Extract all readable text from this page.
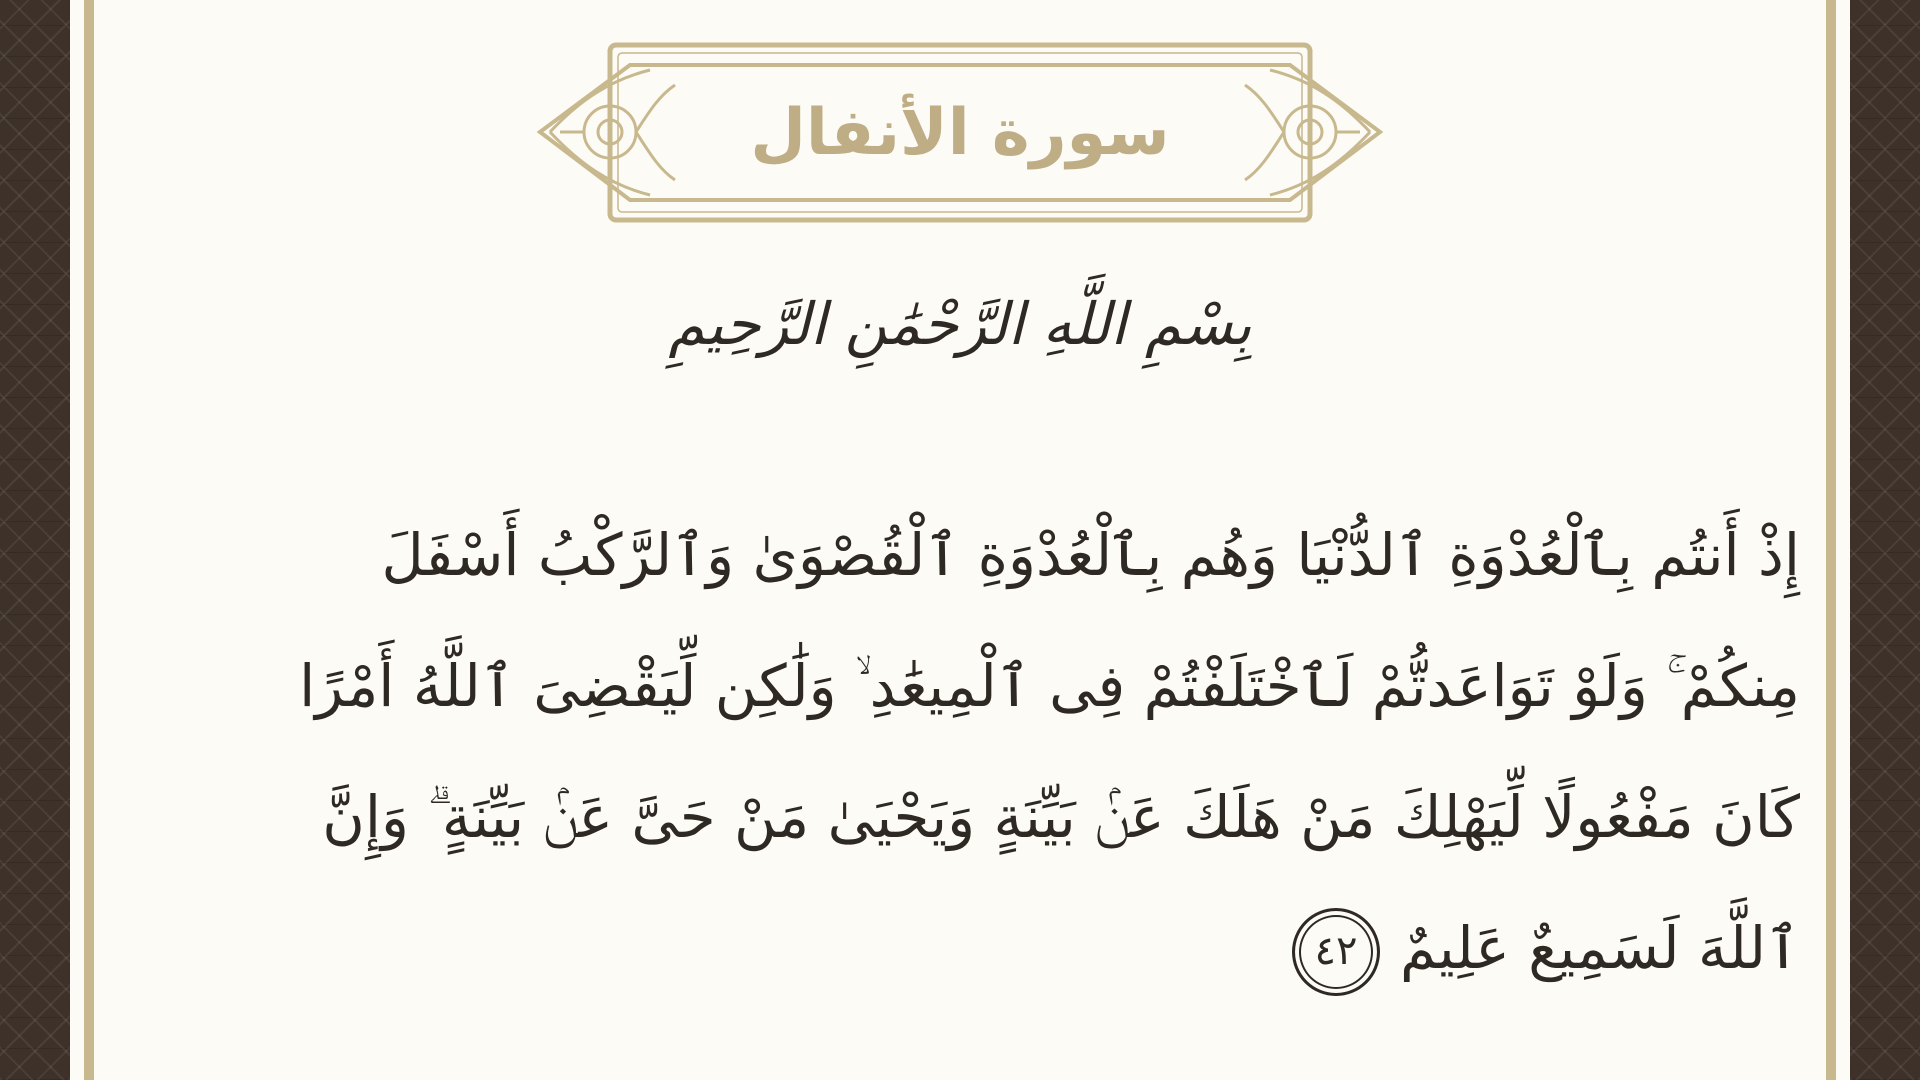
سورة الأنفال
بِسْمِ اللَّهِ الرَّحْمَٰنِ الرَّحِيمِ
إِذْ أَنتُم بِٱلْعُدْوَةِ ٱلدُّنْيَا وَهُم بِٱلْعُدْوَةِ ٱلْقُصْوَىٰ وَٱلرَّكْبُ أَسْفَلَ
مِنكُمْ ۚ وَلَوْ تَوَاعَدتُّمْ لَٱخْتَلَفْتُمْ فِى ٱلْمِيعَٰدِ ۙ وَلَٰكِن لِّيَقْضِىَ ٱللَّهُ أَمْرًا
كَانَ مَفْعُولًا لِّيَهْلِكَ مَنْ هَلَكَ عَنۢ بَيِّنَةٍ وَيَحْيَىٰ مَنْ حَىَّ عَنۢ بَيِّنَةٍ ۗ وَإِنَّ
ٱللَّهَ لَسَمِيعٌ عَلِيمٌ٤٢
